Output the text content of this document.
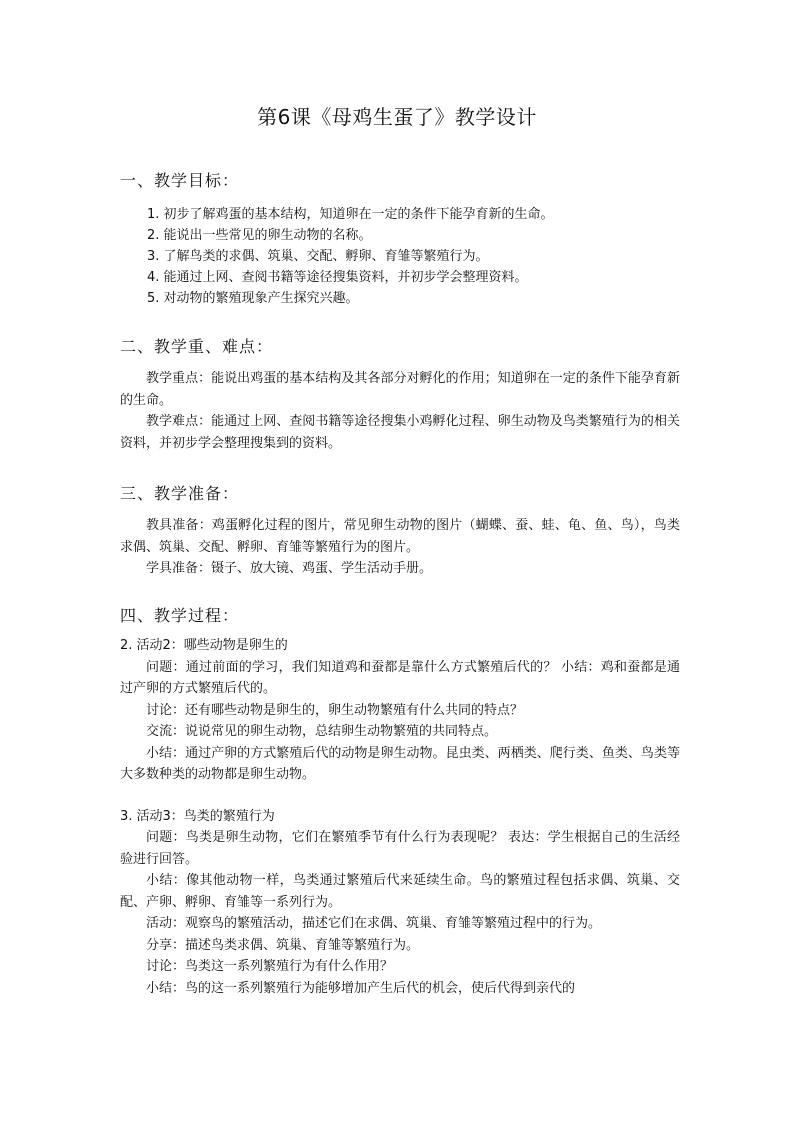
第6课《母鸡生蛋了》教学设计

一、教学目标：

1. 初步了解鸡蛋的基本结构，知道卵在一定的条件下能孕育新的生命。
2. 能说出一些常见的卵生动物的名称。
3. 了解鸟类的求偶、筑巢、交配、孵卵、育雏等繁殖行为。
4. 能通过上网、查阅书籍等途径搜集资料，并初步学会整理资料。
5. 对动物的繁殖现象产生探究兴趣。

二、教学重、难点：

教学重点：能说出鸡蛋的基本结构及其各部分对孵化的作用；知道卵在一定的条件下能孕育新的生命。

教学难点：能通过上网、查阅书籍等途径搜集小鸡孵化过程、卵生动物及鸟类繁殖行为的相关资料，并初步学会整理搜集到的资料。

三、教学准备：

教具准备：鸡蛋孵化过程的图片，常见卵生动物的图片（蝴蝶、蚕、蛙、龟、鱼、鸟），鸟类求偶、筑巢、交配、孵卵、育雏等繁殖行为的图片。

学具准备：镊子、放大镜、鸡蛋、学生活动手册。

四、教学过程：

2. 活动2：哪些动物是卵生的

问题：通过前面的学习，我们知道鸡和蚕都是靠什么方式繁殖后代的？ 小结：鸡和蚕都是通过产卵的方式繁殖后代的。

讨论：还有哪些动物是卵生的，卵生动物繁殖有什么共同的特点？

交流：说说常见的卵生动物，总结卵生动物繁殖的共同特点。

小结：通过产卵的方式繁殖后代的动物是卵生动物。昆虫类、两栖类、爬行类、鱼类、鸟类等大多数种类的动物都是卵生动物。

3. 活动3：鸟类的繁殖行为

问题：鸟类是卵生动物，它们在繁殖季节有什么行为表现呢？ 表达：学生根据自己的生活经验进行回答。

小结：像其他动物一样，鸟类通过繁殖后代来延续生命。鸟的繁殖过程包括求偶、筑巢、交配、产卵、孵卵、育雏等一系列行为。

活动：观察鸟的繁殖活动，描述它们在求偶、筑巢、育雏等繁殖过程中的行为。

分享：描述鸟类求偶、筑巢、育雏等繁殖行为。

讨论：鸟类这一系列繁殖行为有什么作用？

小结：鸟的这一系列繁殖行为能够增加产生后代的机会，使后代得到亲代的
